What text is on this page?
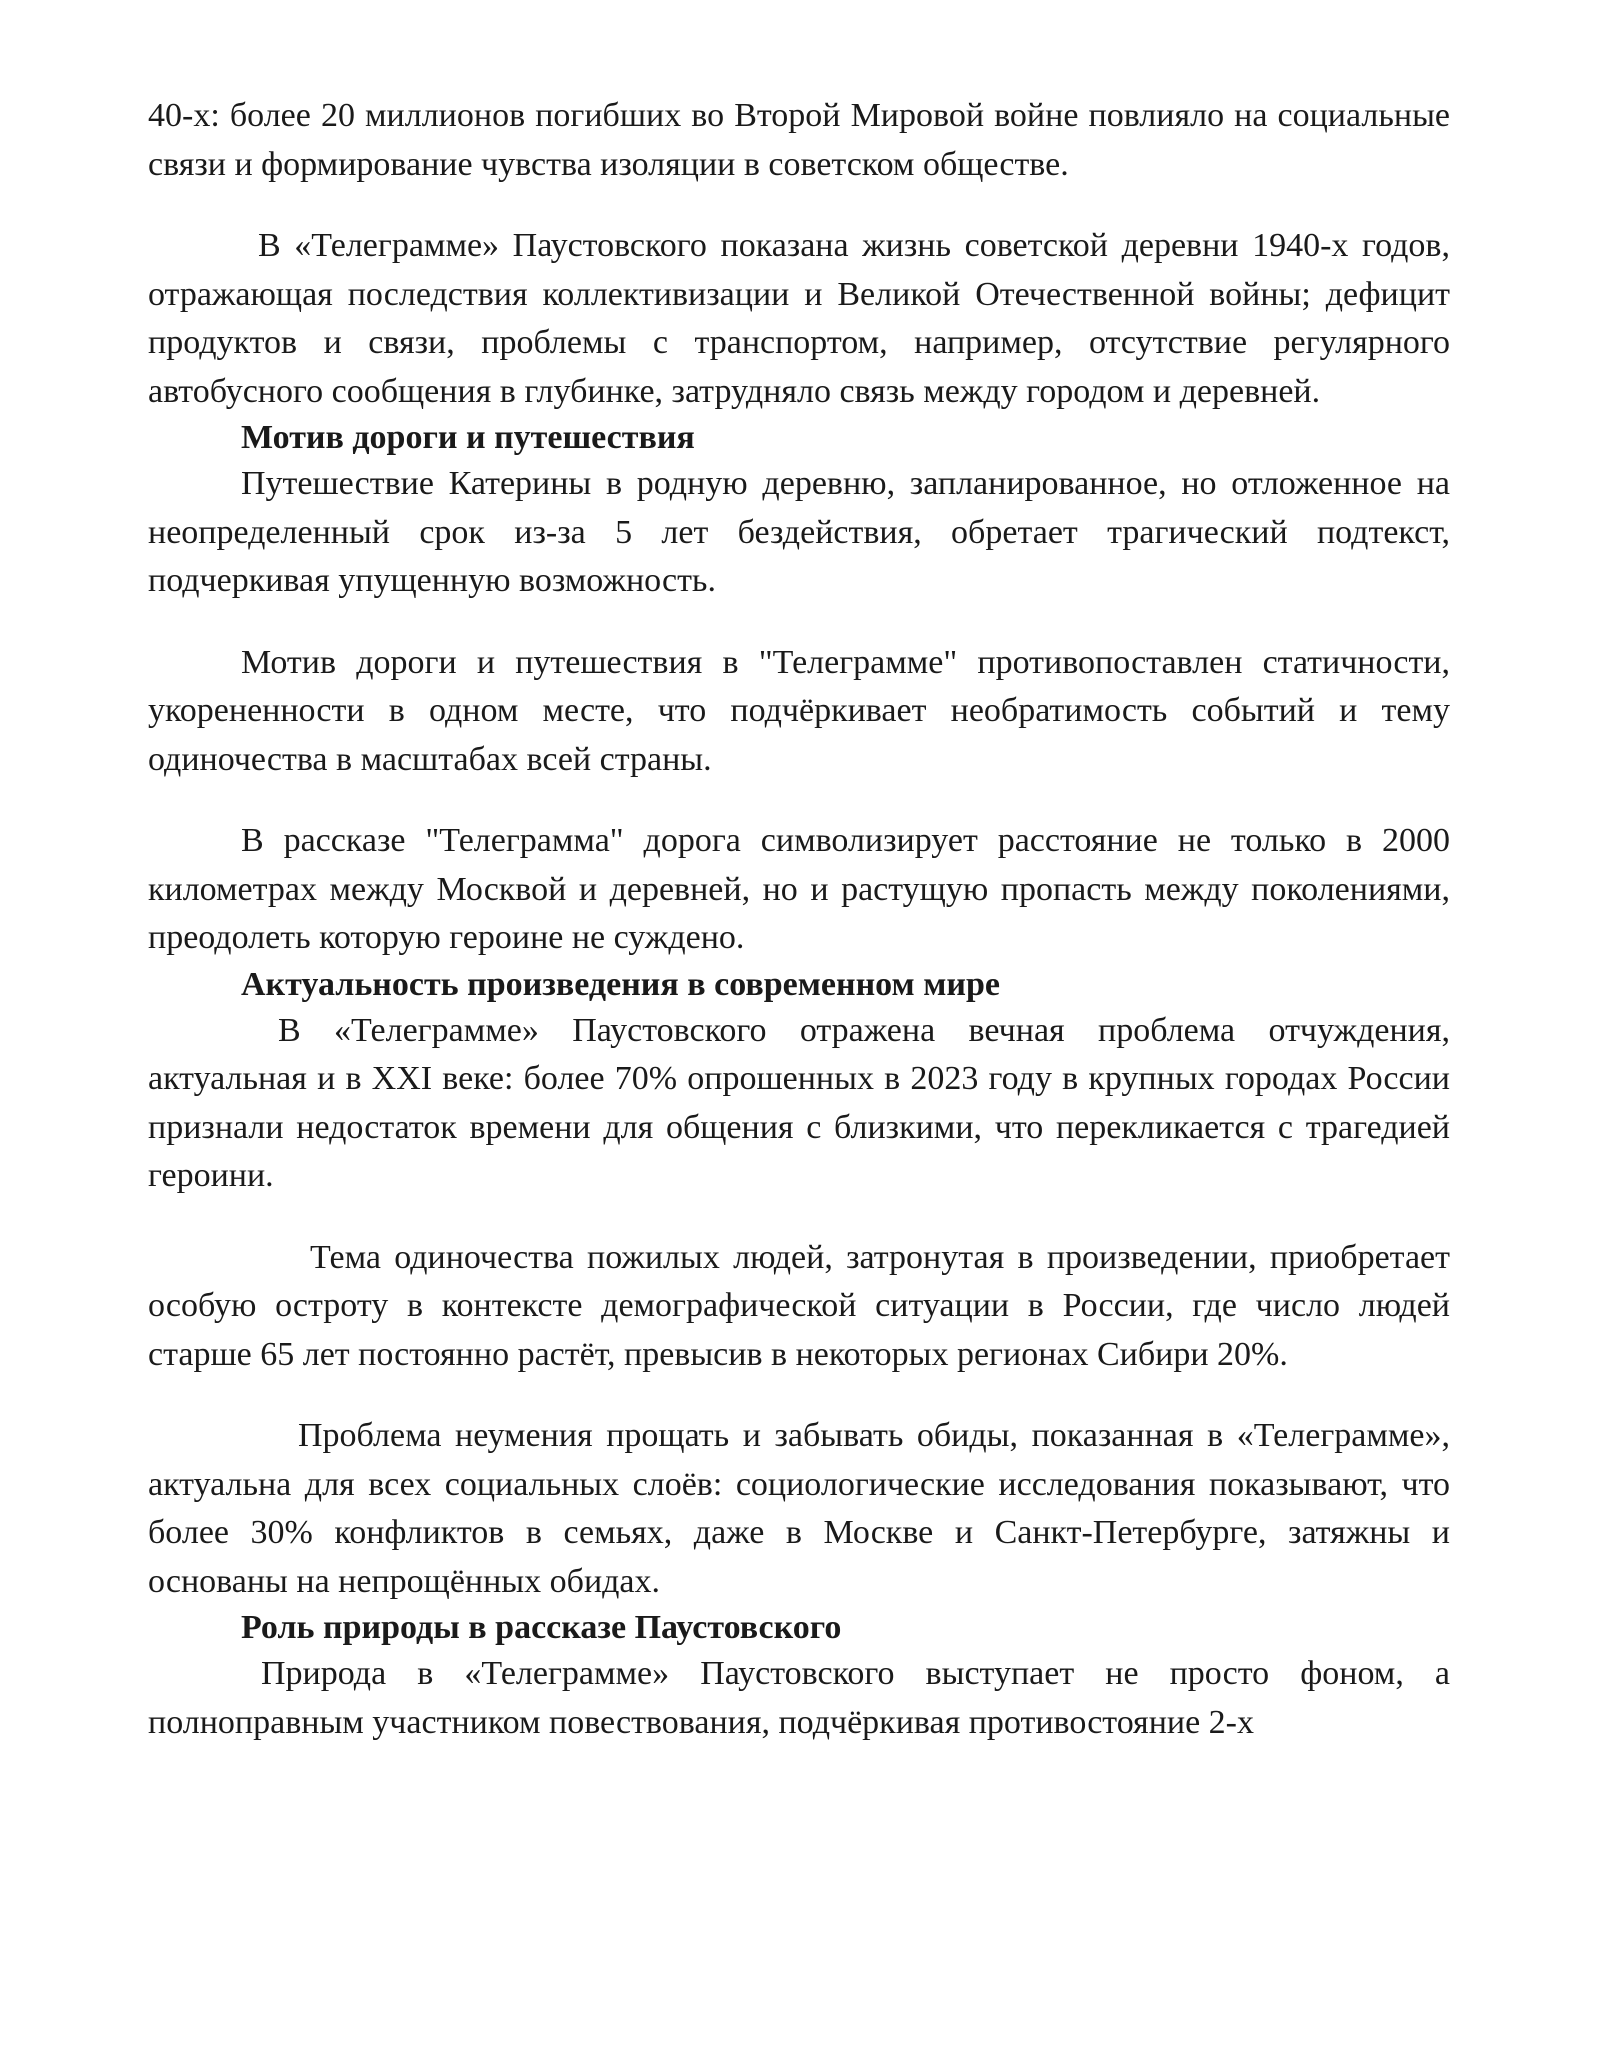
40-х: более 20 миллионов погибших во Второй Мировой войне повлияло на социальные связи и формирование чувства изоляции в советском обществе.

В «Телеграмме» Паустовского показана жизнь советской деревни 1940-х годов, отражающая последствия коллективизации и Великой Отечественной войны; дефицит продуктов и связи, проблемы с транспортом, например, отсутствие регулярного автобусного сообщения в глубинке, затрудняло связь между городом и деревней.

Мотив дороги и путешествия

Путешествие Катерины в родную деревню, запланированное, но отложенное на неопределенный срок из-за 5 лет бездействия, обретает трагический подтекст, подчеркивая упущенную возможность.

Мотив дороги и путешествия в "Телеграмме" противопоставлен статичности, укорененности в одном месте, что подчёркивает необратимость событий и тему одиночества в масштабах всей страны.

В рассказе "Телеграмма" дорога символизирует расстояние не только в 2000 километрах между Москвой и деревней, но и растущую пропасть между поколениями, преодолеть которую героине не суждено.

Актуальность произведения в современном мире

В «Телеграмме» Паустовского отражена вечная проблема отчуждения, актуальная и в XXI веке: более 70% опрошенных в 2023 году в крупных городах России признали недостаток времени для общения с близкими, что перекликается с трагедией героини.

Тема одиночества пожилых людей, затронутая в произведении, приобретает особую остроту в контексте демографической ситуации в России, где число людей старше 65 лет постоянно растёт, превысив в некоторых регионах Сибири 20%.

Проблема неумения прощать и забывать обиды, показанная в «Телеграмме», актуальна для всех социальных слоёв: социологические исследования показывают, что более 30% конфликтов в семьях, даже в Москве и Санкт-Петербурге, затяжны и основаны на непрощённых обидах.

Роль природы в рассказе Паустовского

Природа в «Телеграмме» Паустовского выступает не просто фоном, а полноправным участником повествования, подчёркивая противостояние 2-х
